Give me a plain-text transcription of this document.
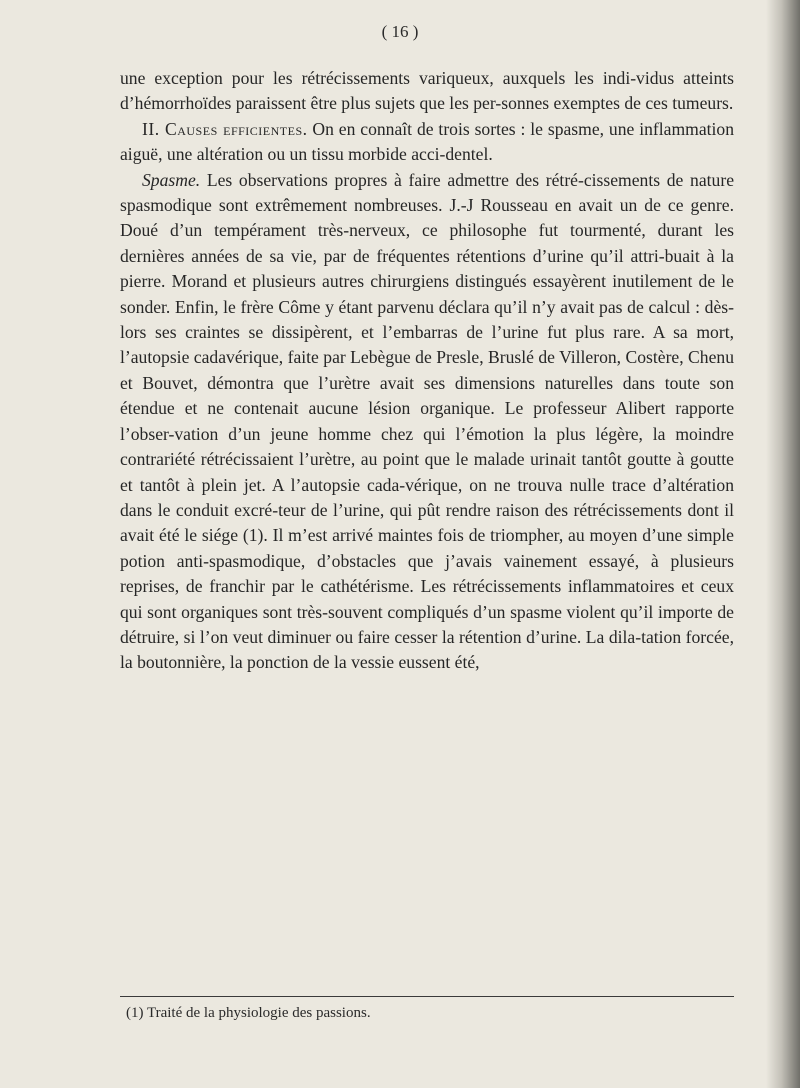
( 16 )

une exception pour les rétrécissements variqueux, auxquels les indi-vidus atteints d’hémorrhoïdes paraissent être plus sujets que les per-sonnes exemptes de ces tumeurs.

II. Causes efficientes. On en connaît de trois sortes : le spasme, une inflammation aiguë, une altération ou un tissu morbide acci-dentel.

Spasme. Les observations propres à faire admettre des rétré-cissements de nature spasmodique sont extrêmement nombreuses. J.-J Rousseau en avait un de ce genre. Doué d’un tempérament très-nerveux, ce philosophe fut tourmenté, durant les dernières années de sa vie, par de fréquentes rétentions d’urine qu’il attri-buait à la pierre. Morand et plusieurs autres chirurgiens distingués essayèrent inutilement de le sonder. Enfin, le frère Côme y étant parvenu déclara qu’il n’y avait pas de calcul : dès-lors ses craintes se dissipèrent, et l’embarras de l’urine fut plus rare. A sa mort, l’autopsie cadavérique, faite par Lebègue de Presle, Bruslé de Villeron, Costère, Chenu et Bouvet, démontra que l’urètre avait ses dimensions naturelles dans toute son étendue et ne contenait aucune lésion organique. Le professeur Alibert rapporte l’obser-vation d’un jeune homme chez qui l’émotion la plus légère, la moindre contrariété rétrécissaient l’urètre, au point que le malade urinait tantôt goutte à goutte et tantôt à plein jet. A l’autopsie cada-vérique, on ne trouva nulle trace d’altération dans le conduit excré-teur de l’urine, qui pût rendre raison des rétrécissements dont il avait été le siége (1). Il m’est arrivé maintes fois de triompher, au moyen d’une simple potion anti-spasmodique, d’obstacles que j’avais vainement essayé, à plusieurs reprises, de franchir par le cathétérisme. Les rétrécissements inflammatoires et ceux qui sont organiques sont très-souvent compliqués d’un spasme violent qu’il importe de détruire, si l’on veut diminuer ou faire cesser la rétention d’urine. La dila-tation forcée, la boutonnière, la ponction de la vessie eussent été,

(1) Traité de la physiologie des passions.
